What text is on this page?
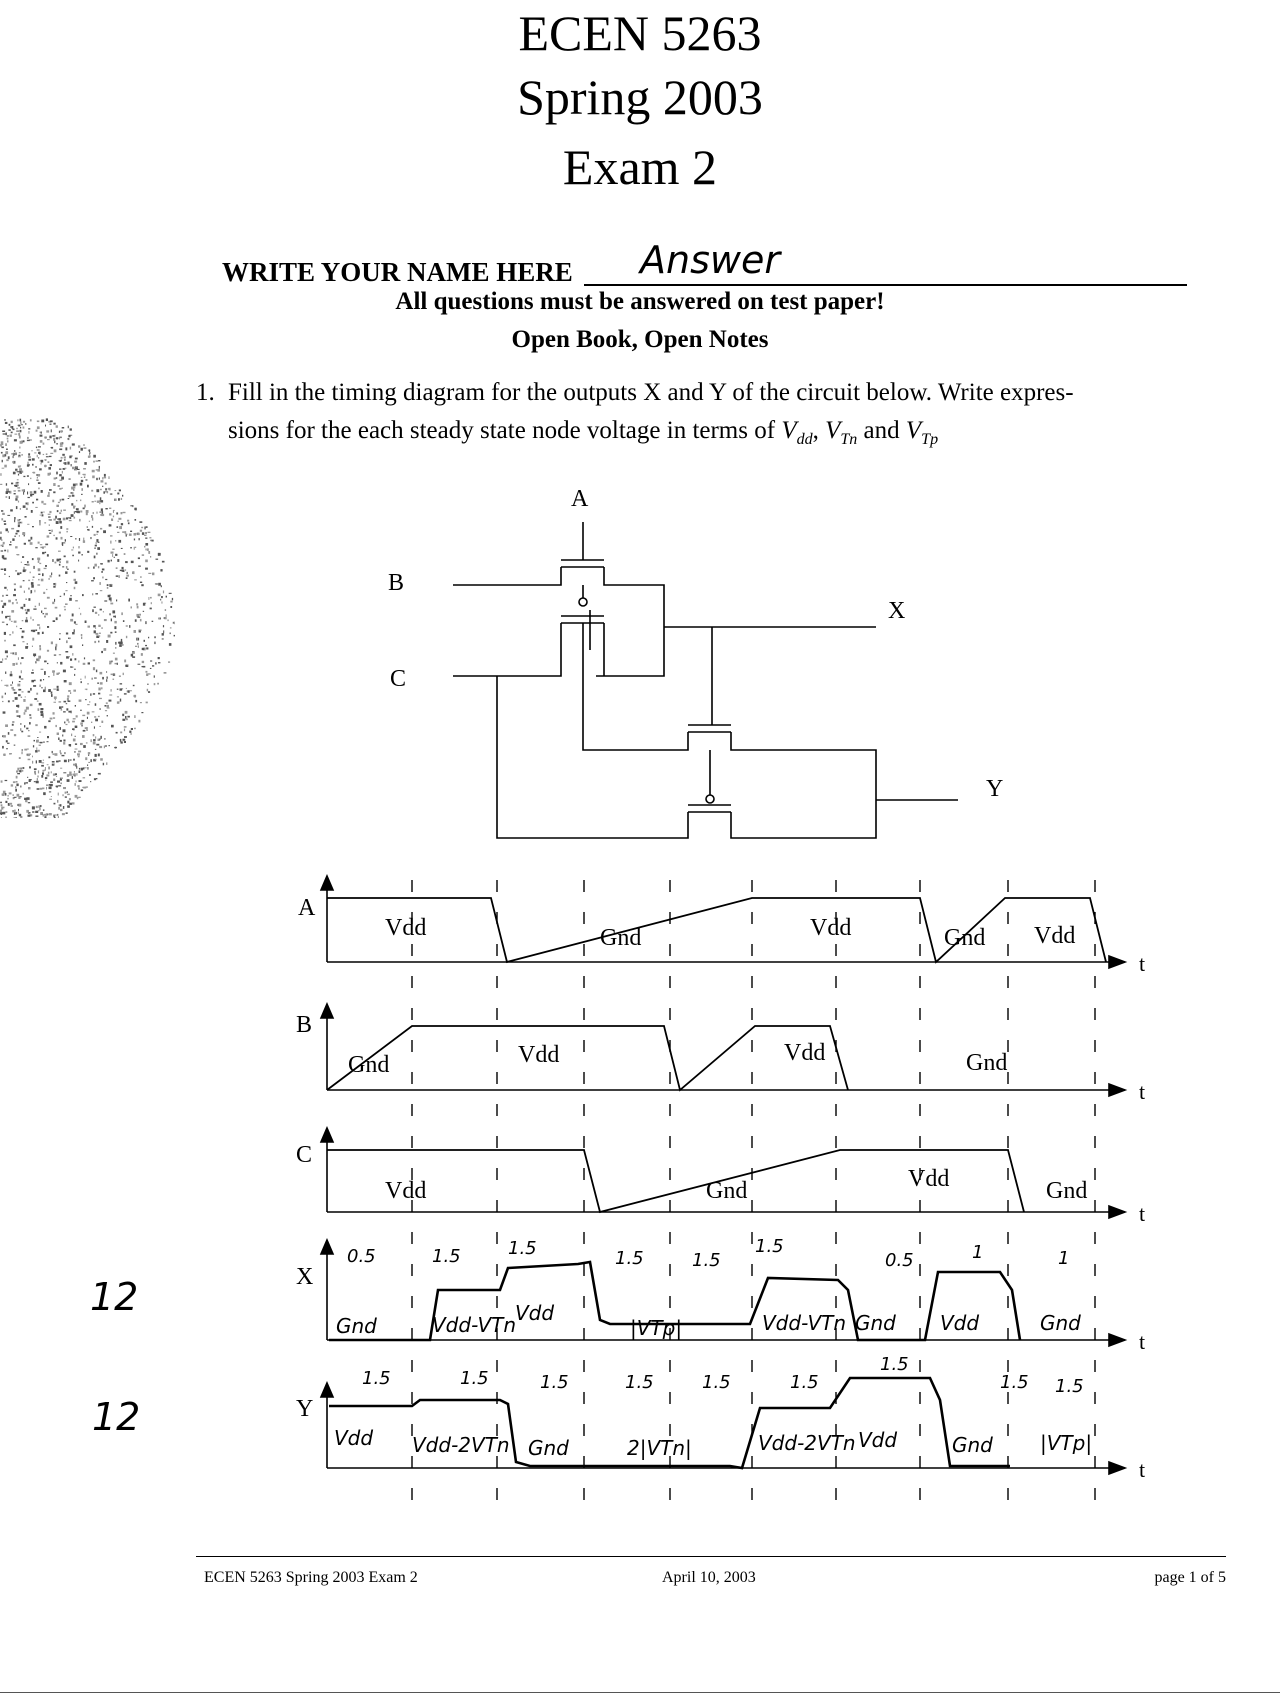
ECEN 5263
Spring 2003
Exam 2
WRITE YOUR NAME HERE Answer
All questions must be answered on test paper!
Open Book, Open Notes
1. Fill in the timing diagram for the outputs X and Y of the circuit below. Write expres-
sions for the each steady state node voltage in terms of $V_{dd}$, $V_{Tn}$ and $V_{Tp}$
A
B
C
X
Y
t
Vdd	Gnd	Vdd	Gnd Vdd
A
t
Gnd	Vdd	Vdd	Gnd
B
t
Vdd	Gnd	Vdd	Gnd
C
t
Gnd	Vdd-VTn
Vdd
|VTp|	Vdd-VTn Gnd Vdd	Gnd
0.5	1.5	1.5	1.5	1.5
1.5
0.5	1	1
X
t
Vdd Vdd-2VTn Gnd	2|VTn|	Vdd-2VTn Vdd	Gnd |VTp|
1.5	1.5	1.5	1.5	1.5	1.5
1.5
1.5 1.5
Y
12
12
ECEN 5263 Spring 2003 Exam 2	April 10, 2003	page 1 of 5
